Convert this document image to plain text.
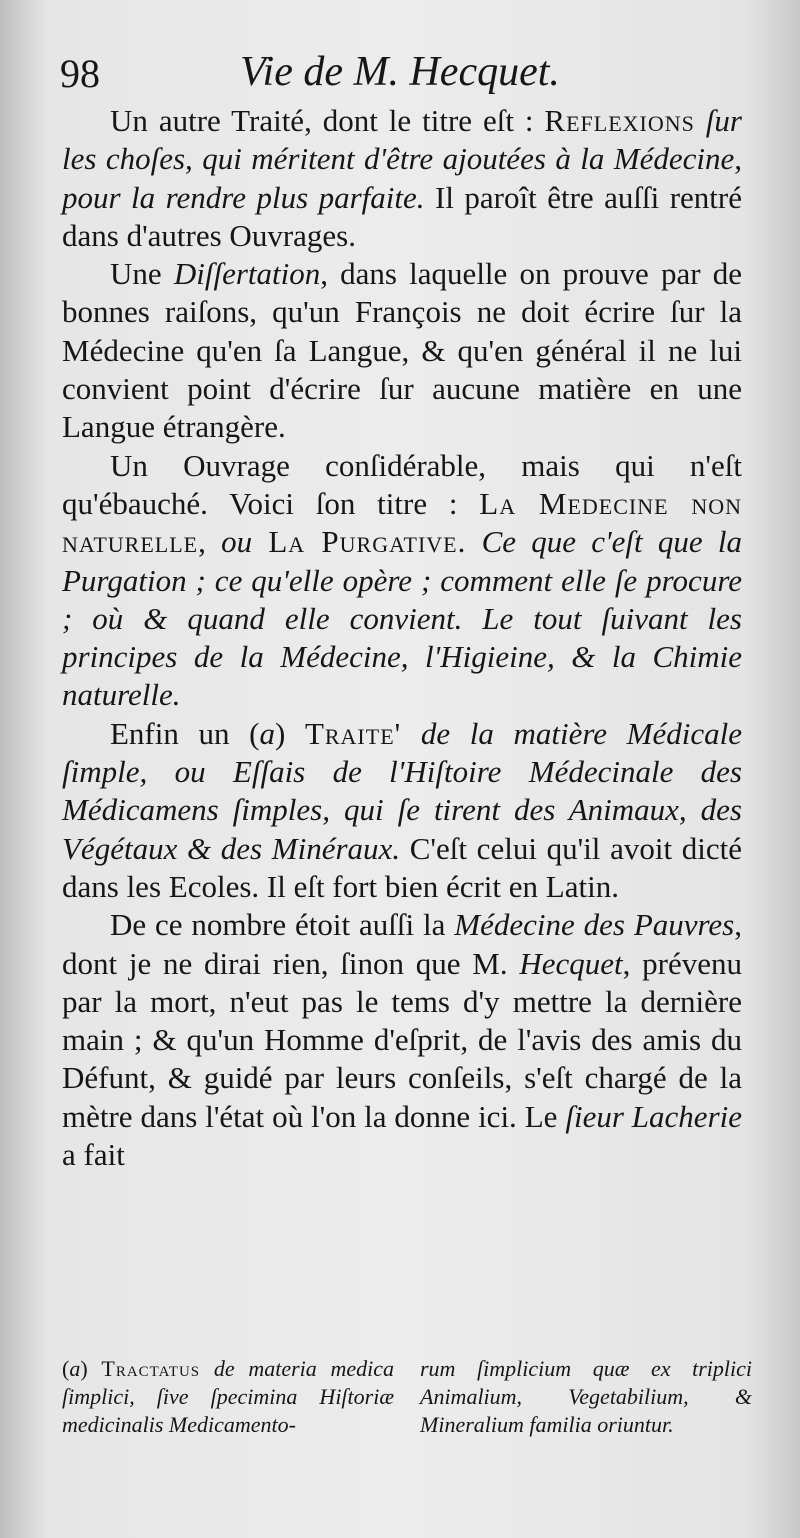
98	Vie de M. Hecquet.

Un autre Traité, dont le titre eſt : Reflexions ſur les choſes, qui méritent d'être ajoutées à la Médecine, pour la rendre plus parfaite. Il paroît être auſſi rentré dans d'autres Ouvrages.

Une Diſſertation, dans laquelle on prouve par de bonnes raiſons, qu'un François ne doit écrire ſur la Médecine qu'en ſa Langue, & qu'en général il ne lui convient point d'écrire ſur aucune matière en une Langue étrangère.

Un Ouvrage conſidérable, mais qui n'eſt qu'ébauché. Voici ſon titre : La Medecine non naturelle, ou La Purgative. Ce que c'eſt que la Purgation ; ce qu'elle opère ; comment elle ſe procure ; où & quand elle convient. Le tout ſuivant les principes de la Médecine, l'Higieine, & la Chimie naturelle.

Enfin un (a) Traite' de la matière Médicale ſimple, ou Eſſais de l'Hiſtoire Médecinale des Médicamens ſimples, qui ſe tirent des Animaux, des Végétaux & des Minéraux. C'eſt celui qu'il avoit dicté dans les Ecoles. Il eſt fort bien écrit en Latin.

De ce nombre étoit auſſi la Médecine des Pauvres, dont je ne dirai rien, ſinon que M. Hecquet, prévenu par la mort, n'eut pas le tems d'y mettre la dernière main ; & qu'un Homme d'eſprit, de l'avis des amis du Défunt, & guidé par leurs conſeils, s'eſt chargé de la mètre dans l'état où l'on la donne ici. Le ſieur Lacherie a fait

(a) Tractatus de materia medica ſimplici, ſive ſpecimina Hiſtoriæ medicinalis Medicamento-
rum ſimplicium quæ ex triplici Animalium, Vegetabilium, & Mineralium familia oriuntur.
